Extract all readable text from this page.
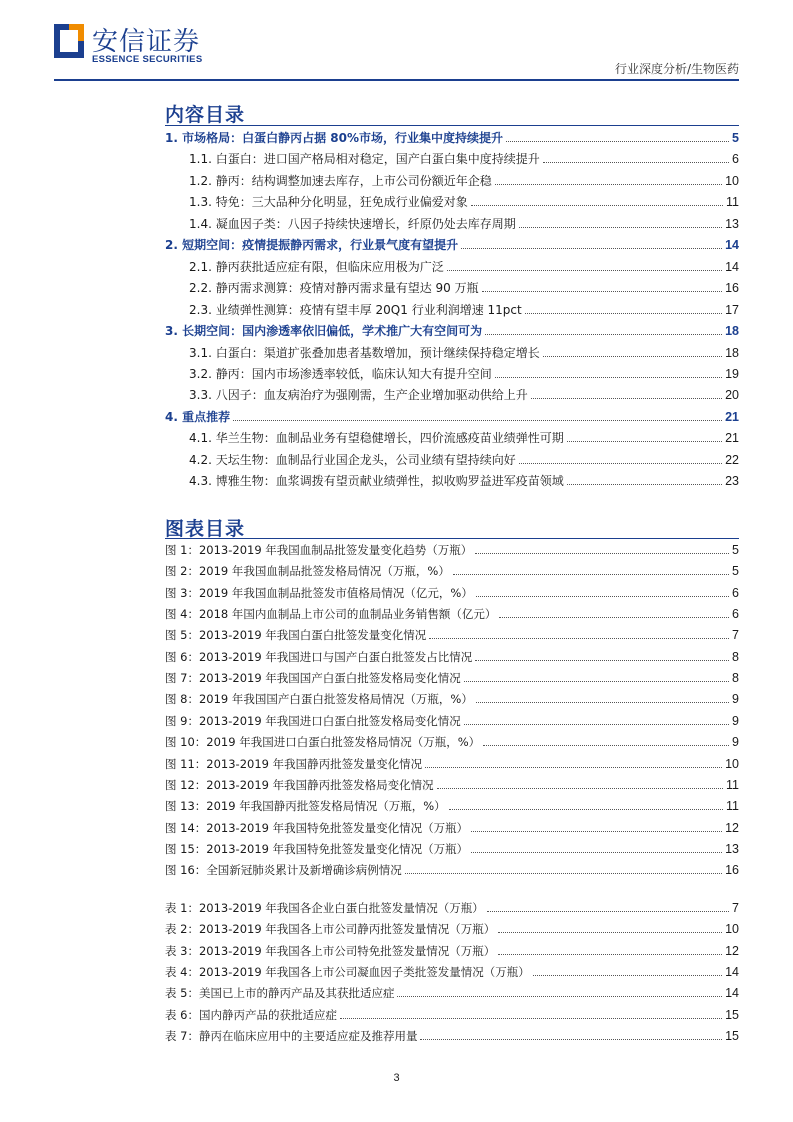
安信证券
ESSENCE SECURITIES
行业深度分析/生物医药
内容目录
1. 市场格局：白蛋白静丙占据 80%市场，行业集中度持续提升	5
1.1. 白蛋白：进口国产格局相对稳定，国产白蛋白集中度持续提升	6
1.2. 静丙：结构调整加速去库存，上市公司份额近年企稳	10
1.3. 特免：三大品种分化明显，狂免成行业偏爱对象	11
1.4. 凝血因子类：八因子持续快速增长，纤原仍处去库存周期	13
2. 短期空间：疫情提振静丙需求，行业景气度有望提升	14
2.1. 静丙获批适应症有限，但临床应用极为广泛	14
2.2. 静丙需求测算：疫情对静丙需求量有望达 90 万瓶	16
2.3. 业绩弹性测算：疫情有望丰厚 20Q1 行业利润增速 11pct	17
3. 长期空间：国内渗透率依旧偏低，学术推广大有空间可为	18
3.1. 白蛋白：渠道扩张叠加患者基数增加，预计继续保持稳定增长	18
3.2. 静丙：国内市场渗透率较低，临床认知大有提升空间	19
3.3. 八因子：血友病治疗为强刚需，生产企业增加驱动供给上升	20
4. 重点推荐	21
4.1. 华兰生物：血制品业务有望稳健增长，四价流感疫苗业绩弹性可期	21
4.2. 天坛生物：血制品行业国企龙头，公司业绩有望持续向好	22
4.3. 博雅生物：血浆调拨有望贡献业绩弹性，拟收购罗益进军疫苗领域	23
图表目录
图 1：2013-2019 年我国血制品批签发量变化趋势（万瓶）	5
图 2：2019 年我国血制品批签发格局情况（万瓶，%）	5
图 3：2019 年我国血制品批签发市值格局情况（亿元，%）	6
图 4：2018 年国内血制品上市公司的血制品业务销售额（亿元）	6
图 5：2013-2019 年我国白蛋白批签发量变化情况	7
图 6：2013-2019 年我国进口与国产白蛋白批签发占比情况	8
图 7：2013-2019 年我国国产白蛋白批签发格局变化情况	8
图 8：2019 年我国国产白蛋白批签发格局情况（万瓶，%）	9
图 9：2013-2019 年我国进口白蛋白批签发格局变化情况	9
图 10：2019 年我国进口白蛋白批签发格局情况（万瓶，%）	9
图 11：2013-2019 年我国静丙批签发量变化情况	10
图 12：2013-2019 年我国静丙批签发格局变化情况	11
图 13：2019 年我国静丙批签发格局情况（万瓶，%）	11
图 14：2013-2019 年我国特免批签发量变化情况（万瓶）	12
图 15：2013-2019 年我国特免批签发量变化情况（万瓶）	13
图 16：全国新冠肺炎累计及新增确诊病例情况	16
表 1：2013-2019 年我国各企业白蛋白批签发量情况（万瓶）	7
表 2：2013-2019 年我国各上市公司静丙批签发量情况（万瓶）	10
表 3：2013-2019 年我国各上市公司特免批签发量情况（万瓶）	12
表 4：2013-2019 年我国各上市公司凝血因子类批签发量情况（万瓶）	14
表 5：美国已上市的静丙产品及其获批适应症	14
表 6：国内静丙产品的获批适应症	15
表 7：静丙在临床应用中的主要适应症及推荐用量	15
3
